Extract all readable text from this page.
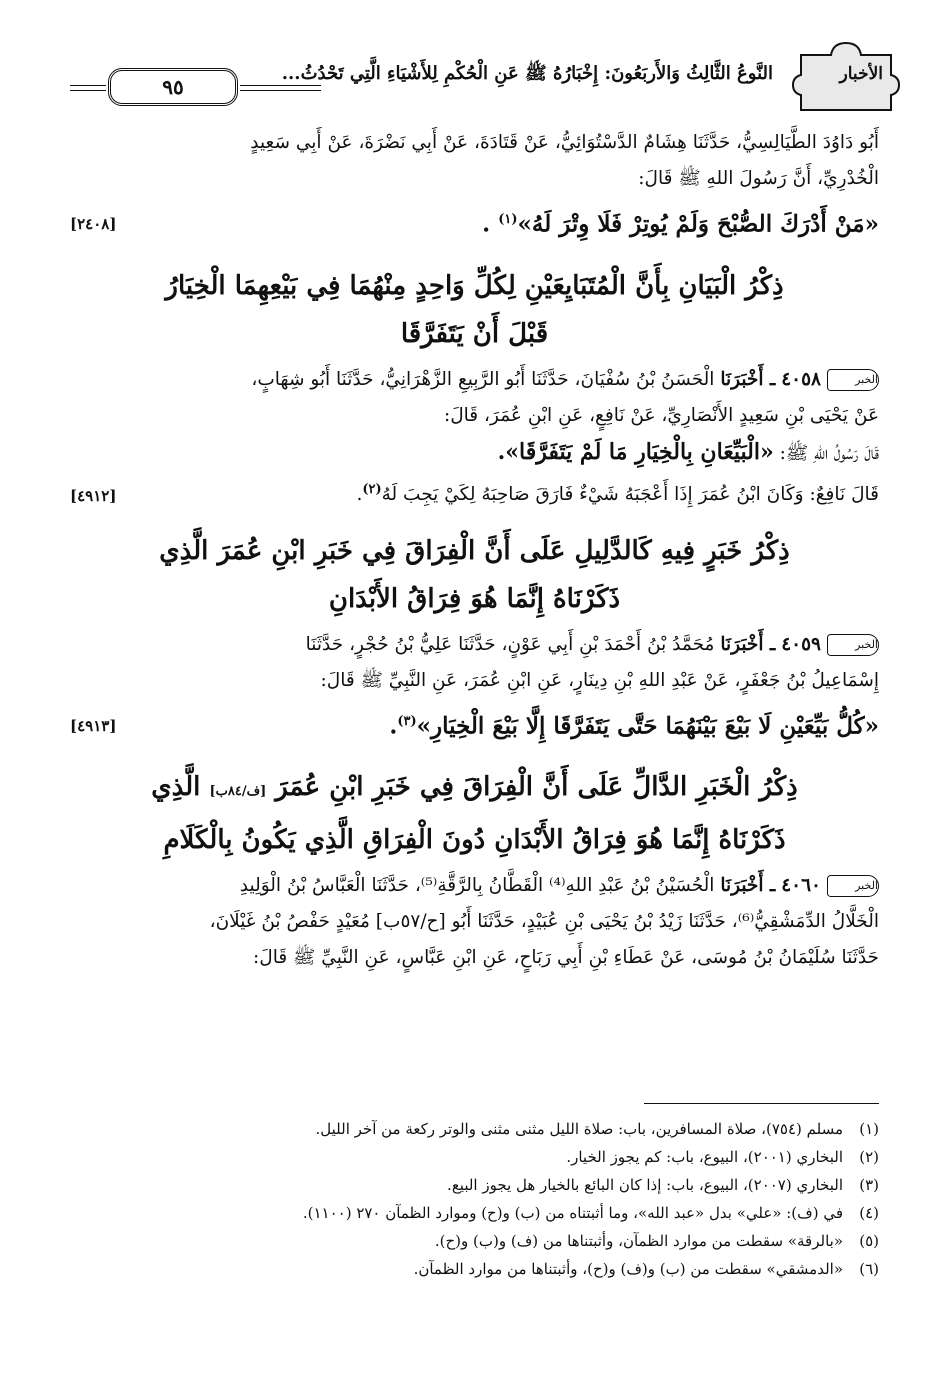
الأخبار
النَّوعُ الثَّالِثُ وَالأَربَعُونَ: إِخْبَارُهُ ﷺ عَنِ الْحُكْمِ لِلأَشْيَاءِ الَّتِي تَحْدُثُ...
٩٥

أَبُو دَاوُدَ الطَّيَالِسِيُّ، حَدَّثَنَا هِشَامٌ الدَّسْتُوَائِيُّ، عَنْ قَتَادَةَ، عَنْ أَبِي نَضْرَةَ، عَنْ أَبِي سَعِيدٍ

الْخُدْرِيِّ، أَنَّ رَسُولَ اللهِ ﷺ قَالَ:

«مَنْ أَدْرَكَ الصُّبْحَ وَلَمْ يُوتِرْ فَلَا وِتْرَ لَهُ»$^{(١)}$ .
[٢٤٠٨]
ذِكْرُ الْبَيَانِ بِأَنَّ الْمُتَبَايِعَيْنِ لِكُلِّ وَاحِدٍ مِنْهُمَا فِي بَيْعِهِمَا الْخِيَارُ
قَبْلَ أَنْ يَتَفَرَّقَا

الخبر٤٠٥٨ ـ أَخْبَرَنَا الْحَسَنُ بْنُ سُفْيَانَ، حَدَّثَنَا أَبُو الرَّبِيعِ الزَّهْرَانِيُّ، حَدَّثَنَا أَبُو شِهَابٍ،

عَنْ يَحْيَى بْنِ سَعِيدٍ الأَنْصَارِيِّ، عَنْ نَافِعٍ، عَنِ ابْنِ عُمَرَ، قَالَ:

قَالَ رَسُولُ اللهِ ﷺ: «الْبَيِّعَانِ بِالْخِيَارِ مَا لَمْ يَتَفَرَّقَا».

قَالَ نَافِعٌ: وَكَانَ ابْنُ عُمَرَ إِذَا أَعْجَبَهُ شَيْءٌ فَارَقَ صَاحِبَهُ لِكَيْ يَجِبَ لَهُ$^{(٢)}$.
[٤٩١٢]

ذِكْرُ خَبَرٍ فِيهِ كَالدَّلِيلِ عَلَى أَنَّ الْفِرَاقَ فِي خَبَرِ ابْنِ عُمَرَ الَّذِي
ذَكَرْنَاهُ إِنَّمَا هُوَ فِرَاقُ الأَبْدَانِ

الخبر٤٠٥٩ ـ أَخْبَرَنَا مُحَمَّدُ بْنُ أَحْمَدَ بْنِ أَبِي عَوْنٍ، حَدَّثَنَا عَلِيُّ بْنُ حُجْرٍ، حَدَّثَنَا

إِسْمَاعِيلُ بْنُ جَعْفَرٍ، عَنْ عَبْدِ اللهِ بْنِ دِينَارٍ، عَنِ ابْنِ عُمَرَ، عَنِ النَّبِيِّ ﷺ قَالَ:

«كُلُّ بَيِّعَيْنِ لَا بَيْعَ بَيْنَهُمَا حَتَّى يَتَفَرَّقَا إِلَّا بَيْعَ الْخِيَارِ»$^{(٣)}$.
[٤٩١٣]
ذِكْرُ الْخَبَرِ الدَّالِّ عَلَى أَنَّ الْفِرَاقَ فِي خَبَرِ ابْنِ عُمَرَ [ف/٨٤ب] الَّذِي
ذَكَرْنَاهُ إِنَّمَا هُوَ فِرَاقُ الأَبْدَانِ دُونَ الْفِرَاقِ الَّذِي يَكُونُ بِالْكَلَامِ

الخبر٤٠٦٠ ـ أَخْبَرَنَا الْحُسَيْنُ بْنُ عَبْدِ اللهِ⁽⁴⁾ الْقَطَّانُ بِالرَّقَّةِ⁽⁵⁾، حَدَّثَنَا الْعَبَّاسُ بْنُ الْوَلِيدِ

الْخَلَّالُ الدِّمَشْقِيُّ⁽⁶⁾، حَدَّثَنَا زَيْدُ بْنُ يَحْيَى بْنِ عُبَيْدٍ، حَدَّثَنَا أَبُو [ح/٥٧ب] مُعَيْدٍ حَفْصُ بْنُ غَيْلَانَ،

حَدَّثَنَا سُلَيْمَانُ بْنُ مُوسَى، عَنْ عَطَاءِ بْنِ أَبِي رَبَاحٍ، عَنِ ابْنِ عَبَّاسٍ، عَنِ النَّبِيِّ ﷺ قَالَ:

(١)مسلم (٧٥٤)، صلاة المسافرين، باب: صلاة الليل مثنى مثنى والوتر ركعة من آخر الليل.
(٢)البخاري (٢٠٠١)، البيوع، باب: كم يجوز الخيار.
(٣)البخاري (٢٠٠٧)، البيوع، باب: إذا كان البائع بالخيار هل يجوز البيع.
(٤)في (ف): «علي» بدل «عبد الله»، وما أثبتناه من (ب) و(ح) وموارد الظمآن ٢٧٠ (١١٠٠).
(٥)«بالرقة» سقطت من موارد الظمآن، وأثبتناها من (ف) و(ب) و(ح).
(٦)«الدمشقي» سقطت من (ب) و(ف) و(ح)، وأثبتناها من موارد الظمآن.
